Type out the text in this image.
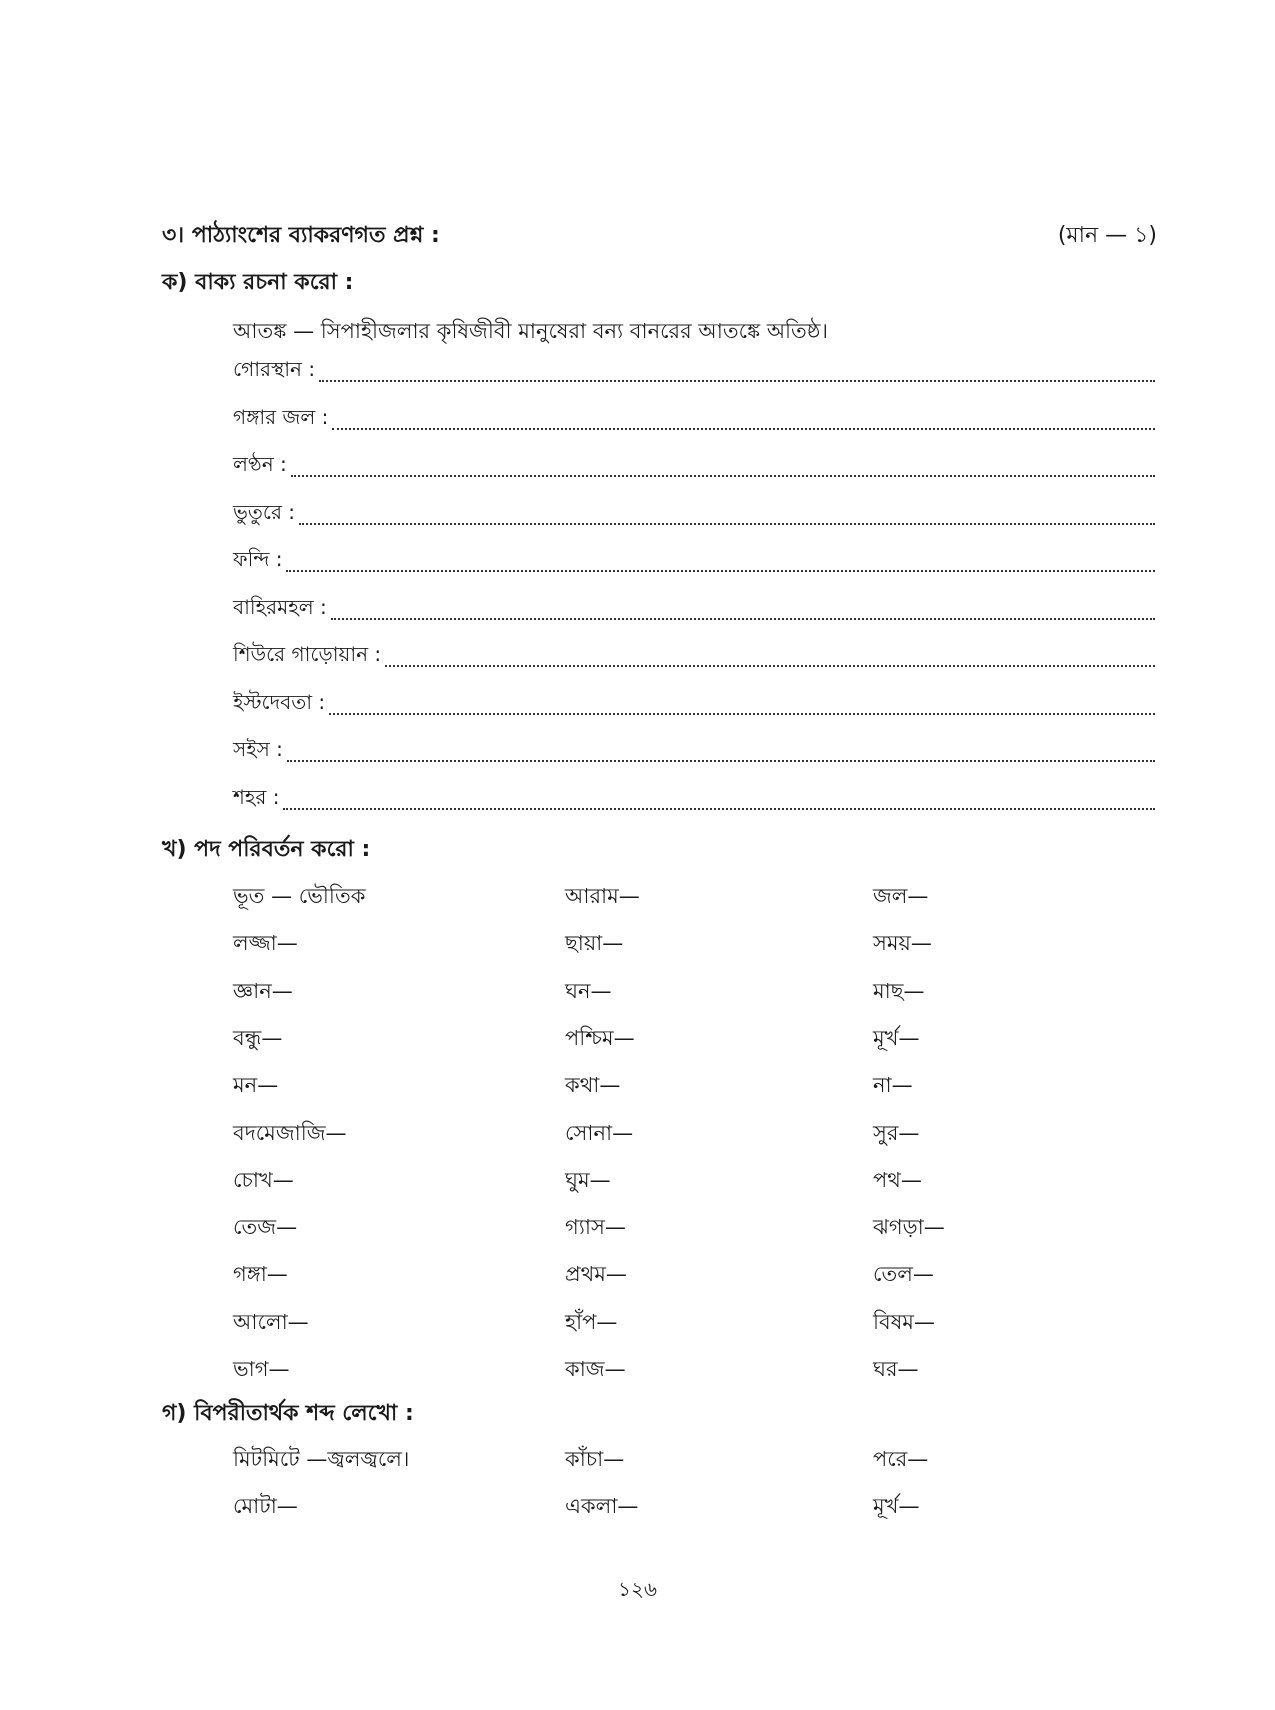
৩। পাঠ্যাংশের ব্যাকরণগত প্রশ্ন :	(মান — ১)
ক) বাক্য রচনা করো :
আতঙ্ক — সিপাহীজলার কৃষিজীবী মানুষেরা বন্য বানরের আতঙ্কে অতিষ্ঠ।
গোরস্থান :
গঙ্গার জল :
লণ্ঠন :
ভুতুরে :
ফন্দি :
বাহিরমহল :
শিউরে গাড়োয়ান :
ইস্টদেবতা :
সইস :
শহর :
খ) পদ পরিবর্তন করো :
ভূত — ভৌতিক	আরাম—	জল—
লজ্জা—	ছায়া—	সময়—
জ্ঞান—	ঘন—	মাছ—
বন্ধু—	পশ্চিম—	মূর্খ—
মন—	কথা—	না—
বদমেজাজি—	সোনা—	সুর—
চোখ—	ঘুম—	পথ—
তেজ—	গ্যাস—	ঝগড়া—
গঙ্গা—	প্রথম—	তেল—
আলো—	হাঁপ—	বিষম—
ভাগ—	কাজ—	ঘর—
গ) বিপরীতার্থক শব্দ লেখো :
মিটমিটে —জ্বলজ্বলে।	কাঁচা—	পরে—
মোটা—	একলা—	মূর্খ—
১২৬
